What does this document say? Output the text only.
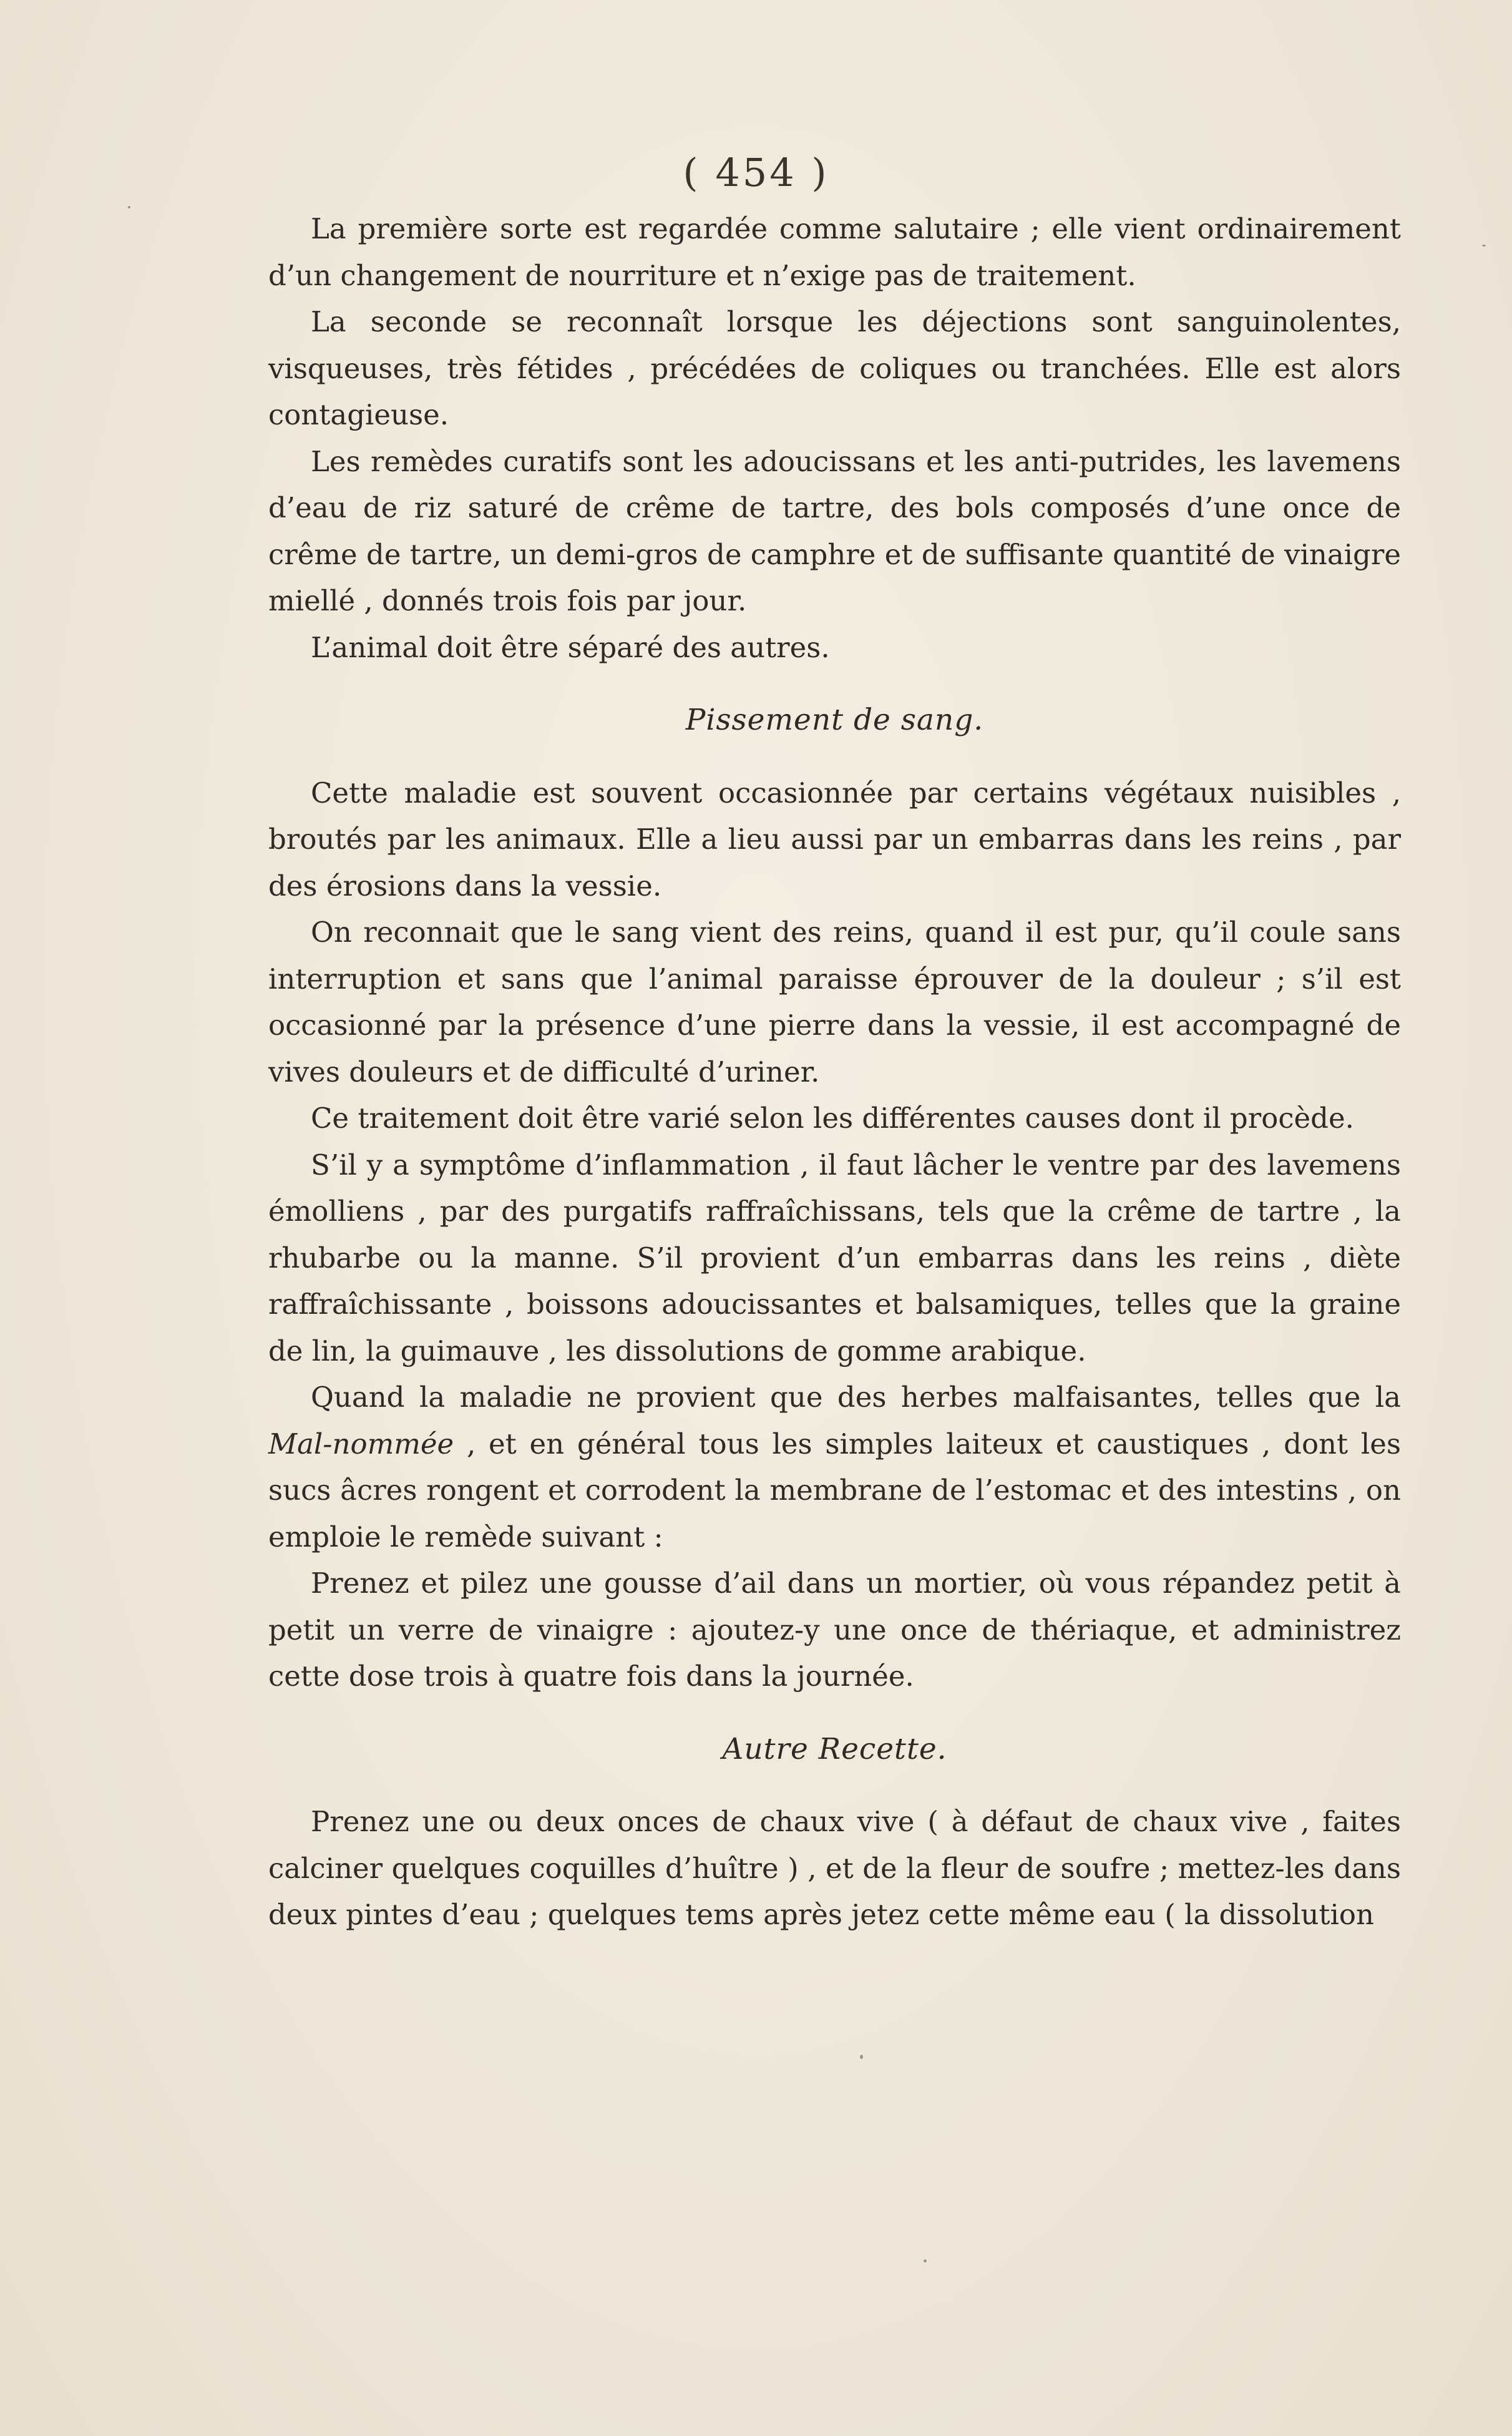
( 454 )

La première sorte est regardée comme salutaire ; elle vient ordinairement d’un changement de nourriture et n’exige pas de traitement.

La seconde se reconnaît lorsque les déjections sont sanguinolentes, visqueuses, très fétides , précédées de coliques ou tranchées. Elle est alors contagieuse.

Les remèdes curatifs sont les adoucissans et les anti-putrides, les lavemens d’eau de riz saturé de crême de tartre, des bols composés d’une once de crême de tartre, un demi-gros de camphre et de suffisante quantité de vinaigre miellé , donnés trois fois par jour.

L’animal doit être séparé des autres.

Pissement de sang.

Cette maladie est souvent occasionnée par certains végétaux nuisibles , broutés par les animaux. Elle a lieu aussi par un embarras dans les reins , par des érosions dans la vessie.

On reconnait que le sang vient des reins, quand il est pur, qu’il coule sans interruption et sans que l’animal paraisse éprouver de la douleur ; s’il est occasionné par la présence d’une pierre dans la vessie, il est accompagné de vives douleurs et de difficulté d’uriner.

Ce traitement doit être varié selon les différentes causes dont il procède.

S’il y a symptôme d’inflammation , il faut lâcher le ventre par des lavemens émolliens , par des purgatifs raffraîchissans, tels que la crême de tartre , la rhubarbe ou la manne. S’il provient d’un embarras dans les reins , diète raffraîchissante , boissons adoucissantes et balsamiques, telles que la graine de lin, la guimauve , les dissolutions de gomme arabique.

Quand la maladie ne provient que des herbes malfaisantes, telles que la Mal-nommée , et en général tous les simples laiteux et caustiques , dont les sucs âcres rongent et corrodent la membrane de l’estomac et des intestins , on emploie le remède suivant :

Prenez et pilez une gousse d’ail dans un mortier, où vous répandez petit à petit un verre de vinaigre : ajoutez-y une once de thériaque, et administrez cette dose trois à quatre fois dans la journée.

Autre Recette.

Prenez une ou deux onces de chaux vive ( à défaut de chaux vive , faites calciner quelques coquilles d’huître ) , et de la fleur de soufre ; mettez-les dans deux pintes d’eau ; quelques tems après jetez cette même eau ( la dissolution
